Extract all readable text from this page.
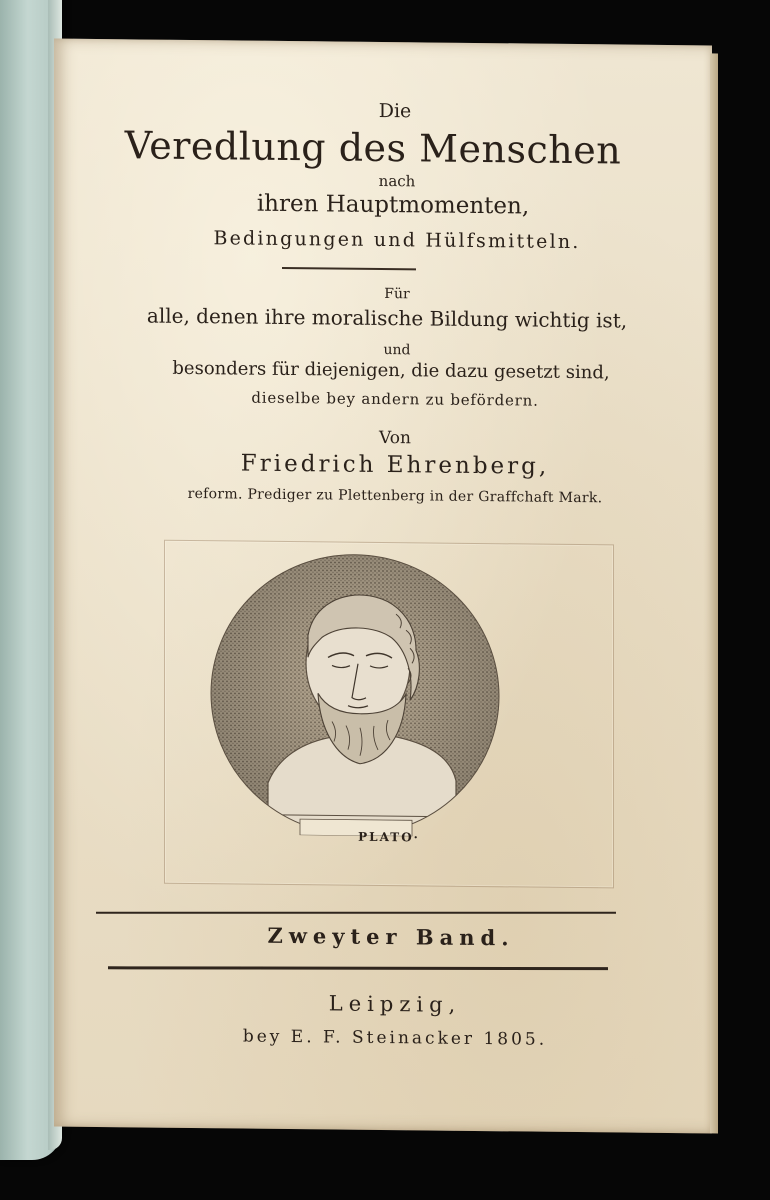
Die
Veredlung des Menschen
nach
ihren Hauptmomenten,
Bedingungen und Hülfsmitteln.
Für
alle, denen ihre moralische Bildung wichtig ist,
und
besonders für diejenigen, die dazu gesetzt sind,
dieselbe bey andern zu befördern.
Von
Friedrich Ehrenberg,
reform. Prediger zu Plettenberg in der Graffchaft Mark.
PLATO·
Zweyter Band.
Leipzig,
bey E. F. Steinacker 1805.
